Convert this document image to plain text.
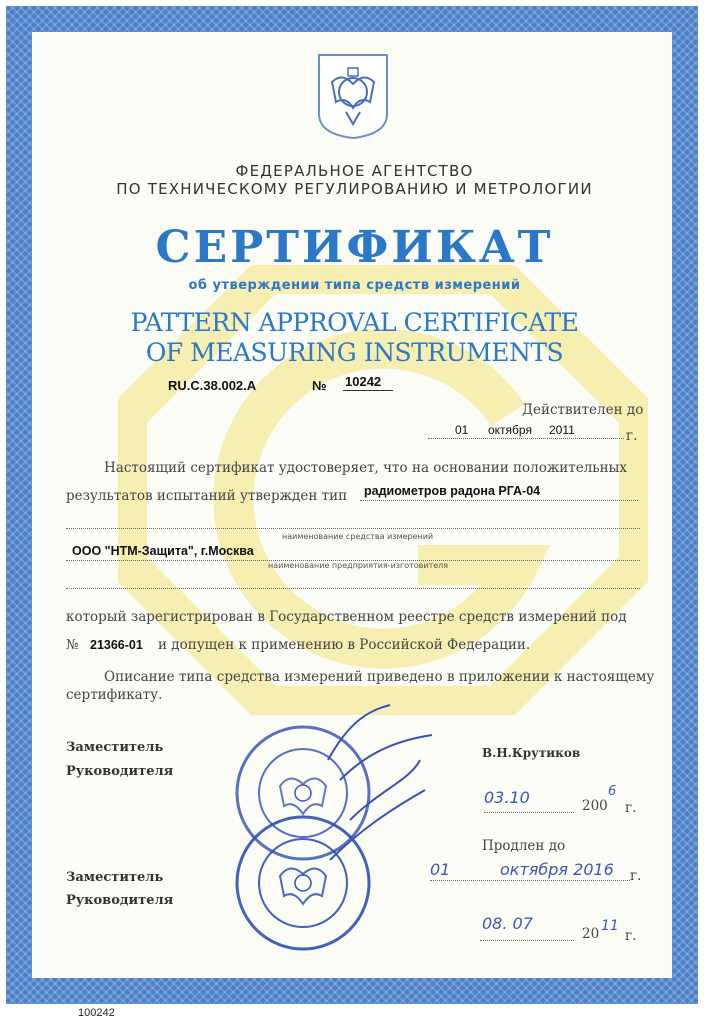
ФЕДЕРАЛЬНОЕ АГЕНТСТВО
ПО ТЕХНИЧЕСКОМУ РЕГУЛИРОВАНИЮ И МЕТРОЛОГИИ
СЕРТИФИКАТ
об утверждении типа средств измерений
PATTERN APPROVAL CERTIFICATE
OF MEASURING INSTRUMENTS
RU.C.38.002.A	№ 10242
Действителен до
01 октября 2011	г.
Настоящий сертификат удостоверяет, что на основании положительных
результатов испытаний утвержден тип радиометров радона РГА-04
наименование средства измерений
ООО "НТМ-Защита", г.Москва
наименование предприятия-изготовителя
который зарегистрирован в Государственном реестре средств измерений под
№ 21366-01 и допущен к применению в Российской Федерации.
Описание типа средства измерений приведено в приложении к настоящему
сертификату.
Заместитель
Руководителя
В.Н.Крутиков
03.10	200
6
г.
Продлен до
01	октября 2016 г.
Заместитель
Руководителя
08. 07
20 11
г.
100242
